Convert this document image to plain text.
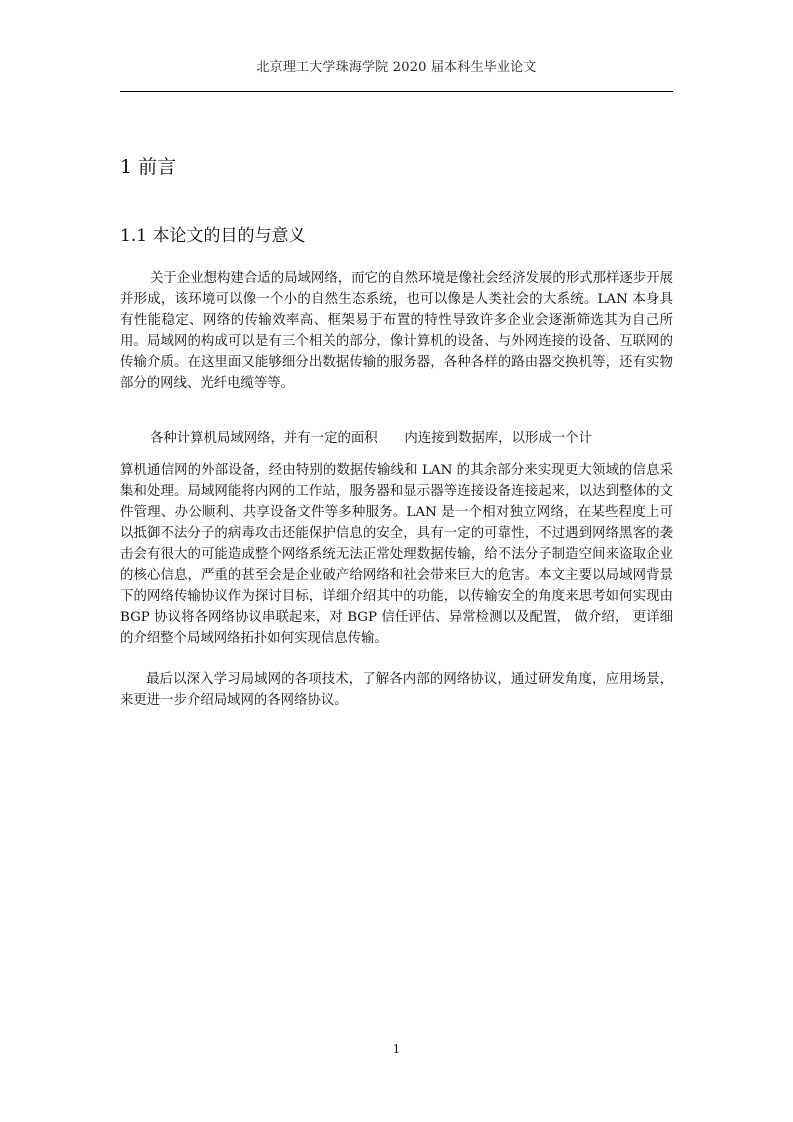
北京理工大学珠海学院 2020 届本科生毕业论文
1 前言
1.1 本论文的目的与意义

关于企业想构建合适的局域网络，而它的自然环境是像社会经济发展的形式那样逐步开展并形成，该环境可以像一个小的自然生态系统，也可以像是人类社会的大系统。LAN 本身具有性能稳定、网络的传输效率高、框架易于布置的特性导致许多企业会逐渐筛选其为自己所用。局域网的构成可以是有三个相关的部分，像计算机的设备、与外网连接的设备、互联网的传输介质。在这里面又能够细分出数据传输的服务器，各种各样的路由器交换机等，还有实物部分的网线、光纤电缆等等。

各种计算机局域网络，并有一定的面积　　内连接到数据库，以形成一个计

算机通信网的外部设备，经由特别的数据传输线和 LAN 的其余部分来实现更大领域的信息采集和处理。局域网能将内网的工作站，服务器和显示器等连接设备连接起来，以达到整体的文件管理、办公顺利、共享设备文件等多种服务。LAN 是一个相对独立网络，在某些程度上可以抵御不法分子的病毒攻击还能保护信息的安全，具有一定的可靠性，不过遇到网络黑客的袭击会有很大的可能造成整个网络系统无法正常处理数据传输，给不法分子制造空间来盗取企业的核心信息，严重的甚至会是企业破产给网络和社会带来巨大的危害。本文主要以局域网背景下的网络传输协议作为探讨目标，详细介绍其中的功能，以传输安全的角度来思考如何实现由 BGP 协议将各网络协议串联起来，对 BGP 信任评估、异常检测以及配置， 做介绍， 更详细的介绍整个局域网络拓扑如何实现信息传输。

最后以深入学习局域网的各项技术，了解各内部的网络协议，通过研发角度，应用场景，来更进一步介绍局域网的各网络协议。

1
